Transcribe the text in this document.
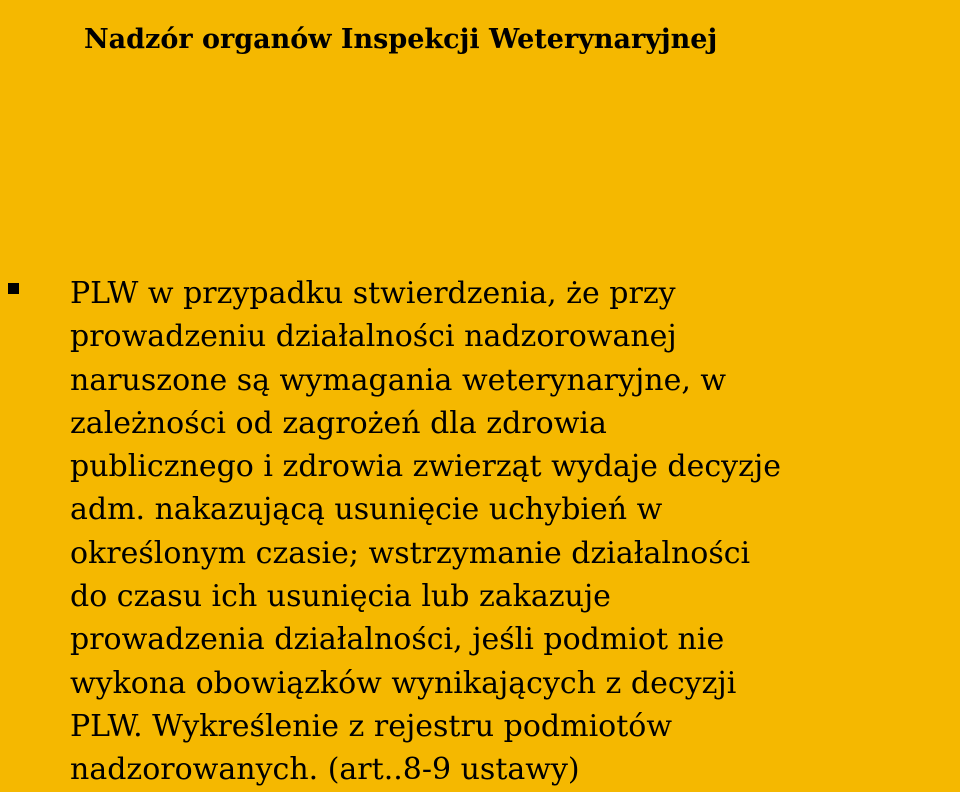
Nadzór organów Inspekcji Weterynaryjnej

PLW w przypadku stwierdzenia, że przy
prowadzeniu działalności nadzorowanej
naruszone są wymagania weterynaryjne, w
zależności od zagrożeń dla zdrowia
publicznego i zdrowia zwierząt wydaje decyzje
adm. nakazującą usunięcie uchybień w
określonym czasie; wstrzymanie działalności
do czasu ich usunięcia lub zakazuje
prowadzenia działalności, jeśli podmiot nie
wykona obowiązków wynikających z decyzji
PLW. Wykreślenie z rejestru podmiotów
nadzorowanych. (art..8-9 ustawy)
